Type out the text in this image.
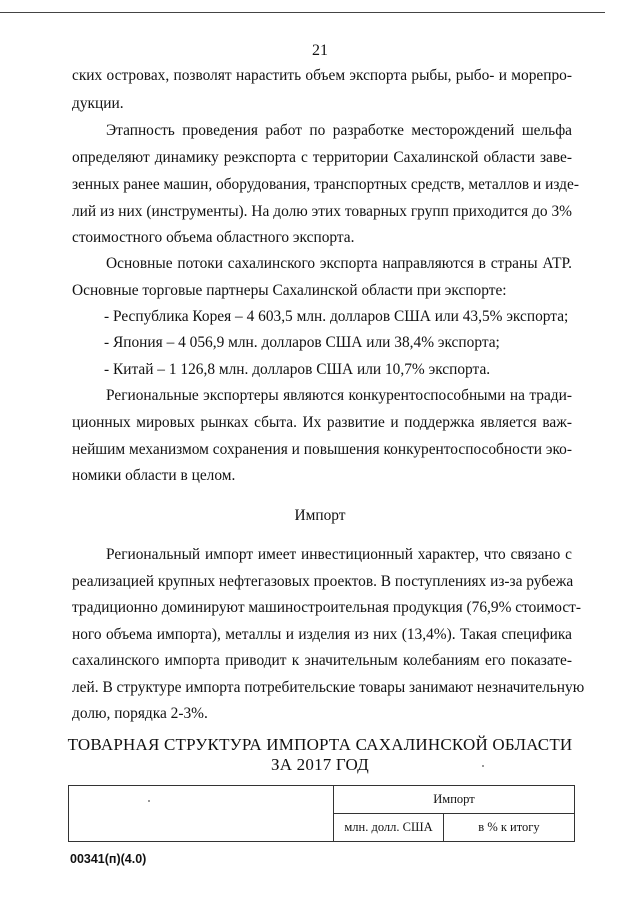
21
ских островах, позволят нарастить объем экспорта рыбы, рыбо- и морепро-
дукции.
Этапность проведения работ по разработке месторождений шельфа
определяют динамику реэкспорта с территории Сахалинской области заве-
зенных ранее машин, оборудования, транспортных средств, металлов и изде-
лий из них (инструменты). На долю этих товарных групп приходится до 3%
стоимостного объема областного экспорта.
Основные потоки сахалинского экспорта направляются в страны АТР.
Основные торговые партнеры Сахалинской области при экспорте:
- Республика Корея – 4 603,5 млн. долларов США или 43,5% экспорта;
- Япония – 4 056,9 млн. долларов США или 38,4% экспорта;
- Китай – 1 126,8 млн. долларов США или 10,7% экспорта.
Региональные экспортеры являются конкурентоспособными на тради-
ционных мировых рынках сбыта. Их развитие и поддержка является важ-
нейшим механизмом сохранения и повышения конкурентоспособности эко-
номики области в целом.
Импорт
Региональный импорт имеет инвестиционный характер, что связано с
реализацией крупных нефтегазовых проектов. В поступлениях из-за рубежа
традиционно доминируют машиностроительная продукция (76,9% стоимост-
ного объема импорта), металлы и изделия из них (13,4%). Такая специфика
сахалинского импорта приводит к значительным колебаниям его показате-
лей. В структуре импорта потребительские товары занимают незначительную
долю, порядка 2-3%.
ТОВАРНАЯ СТРУКТУРА ИМПОРТА САХАЛИНСКОЙ ОБЛАСТИ
ЗА 2017 ГОД
	Импорт	
	млн. долл. США	в % к итогу
00341(п)(4.0)
